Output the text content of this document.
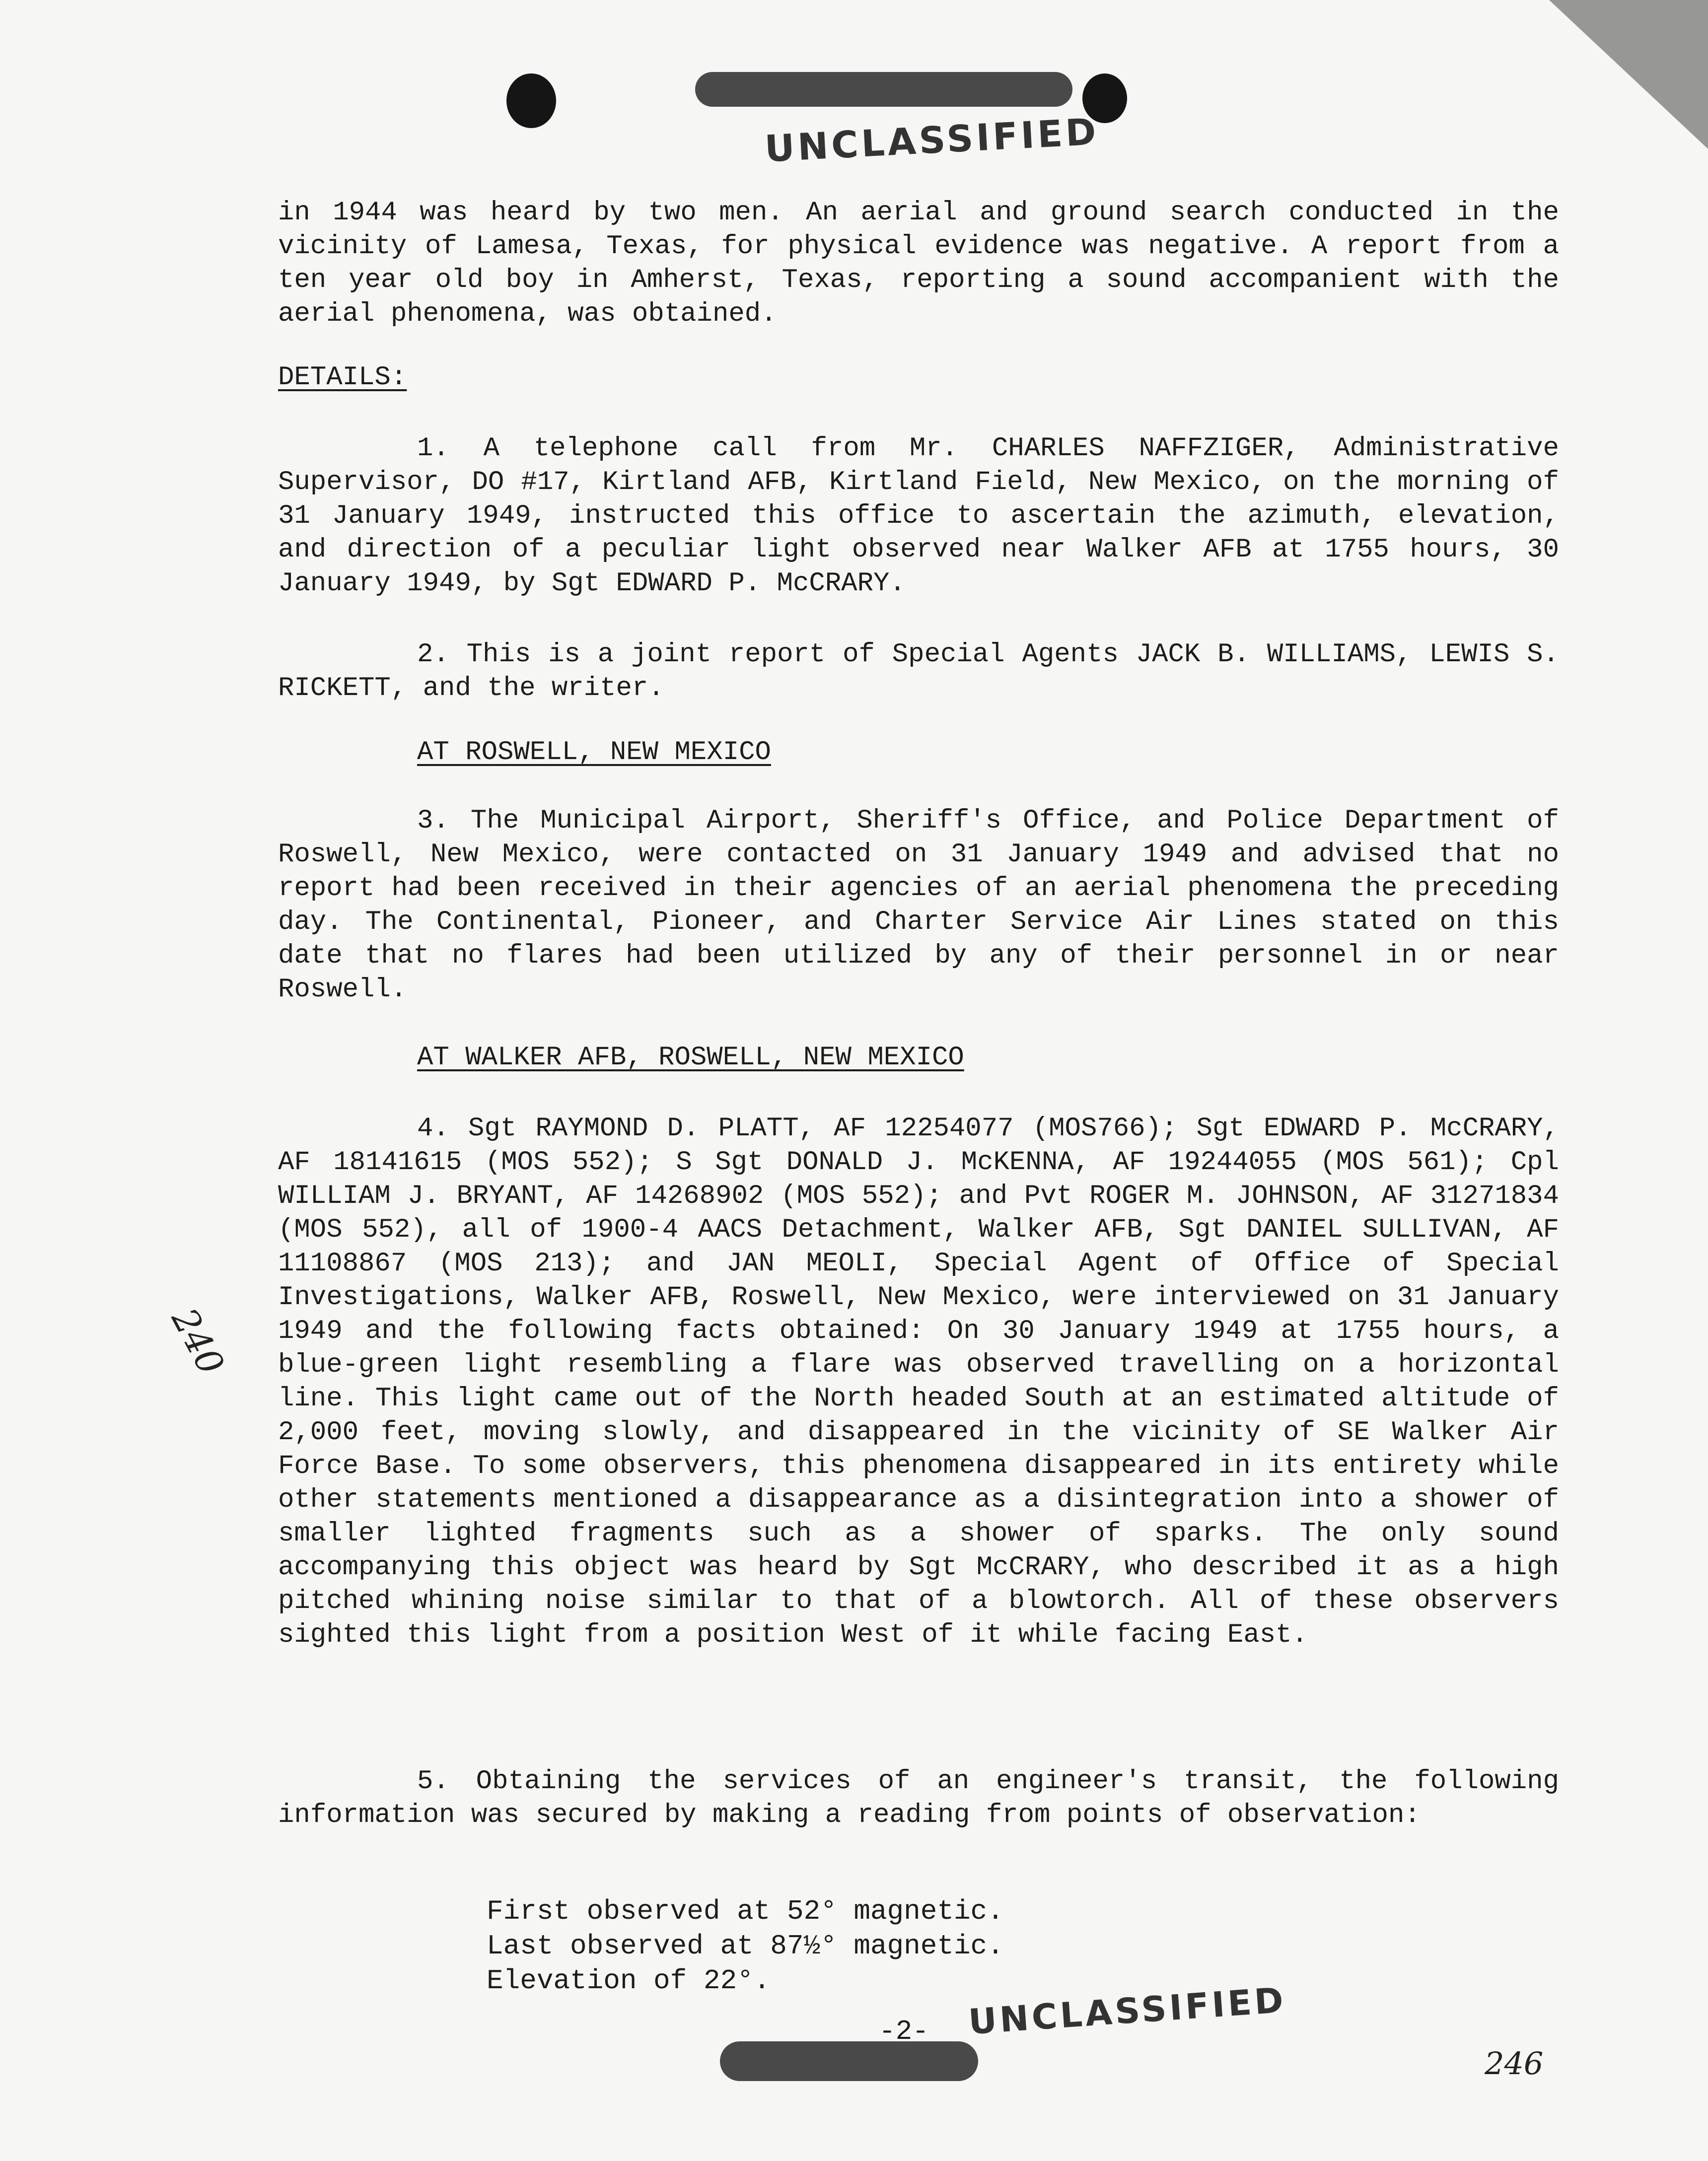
UNCLASSIFIED
in 1944 was heard by two men. An aerial and ground search conducted in the vicinity of Lamesa, Texas, for physical evidence was negative. A report from a ten year old boy in Amherst, Texas, reporting a sound accompanient with the aerial phenomena, was obtained.
DETAILS:
1. A telephone call from Mr. CHARLES NAFFZIGER, Administrative Supervisor, DO #17, Kirtland AFB, Kirtland Field, New Mexico, on the morning of 31 January 1949, instructed this office to ascertain the azimuth, elevation, and direction of a peculiar light observed near Walker AFB at 1755 hours, 30 January 1949, by Sgt EDWARD P. McCRARY.
2. This is a joint report of Special Agents JACK B. WILLIAMS, LEWIS S. RICKETT, and the writer.
AT ROSWELL, NEW MEXICO
3. The Municipal Airport, Sheriff's Office, and Police Department of Roswell, New Mexico, were contacted on 31 January 1949 and advised that no report had been received in their agencies of an aerial phenomena the preceding day. The Continental, Pioneer, and Charter Service Air Lines stated on this date that no flares had been utilized by any of their personnel in or near Roswell.
AT WALKER AFB, ROSWELL, NEW MEXICO
4. Sgt RAYMOND D. PLATT, AF 12254077 (MOS766); Sgt EDWARD P. McCRARY, AF 18141615 (MOS 552); S Sgt DONALD J. McKENNA, AF 19244055 (MOS 561); Cpl WILLIAM J. BRYANT, AF 14268902 (MOS 552); and Pvt ROGER M. JOHNSON, AF 31271834 (MOS 552), all of 1900-4 AACS Detachment, Walker AFB, Sgt DANIEL SULLIVAN, AF 11108867 (MOS 213); and JAN MEOLI, Special Agent of Office of Special Investigations, Walker AFB, Roswell, New Mexico, were interviewed on 31 January 1949 and the following facts obtained: On 30 January 1949 at 1755 hours, a blue-green light resembling a flare was observed travelling on a horizontal line. This light came out of the North headed South at an estimated altitude of 2,000 feet, moving slowly, and disappeared in the vicinity of SE Walker Air Force Base. To some observers, this phenomena disappeared in its entirety while other statements mentioned a disappearance as a disintegration into a shower of smaller lighted fragments such as a shower of sparks. The only sound accompanying this object was heard by Sgt McCRARY, who described it as a high pitched whining noise similar to that of a blowtorch. All of these observers sighted this light from a position West of it while facing East.
5. Obtaining the services of an engineer's transit, the following information was secured by making a reading from points of observation:
First observed at 52° magnetic.
Last observed at 87½° magnetic.
Elevation of 22°.
-2- UNCLASSIFIED
240
246
